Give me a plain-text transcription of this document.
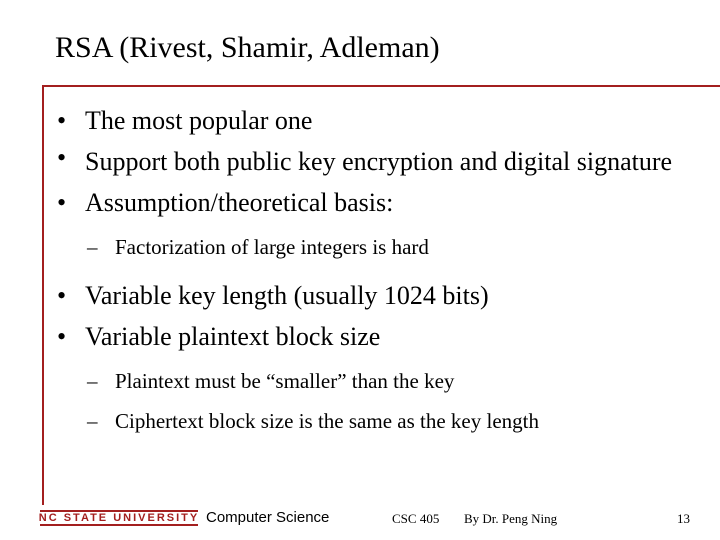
RSA (Rivest, Shamir, Adleman)
• The most popular one
• Support both public key encryption and digital signature
• Assumption/theoretical basis:
– Factorization of large integers is hard
• Variable key length (usually 1024 bits)
• Variable plaintext block size
– Plaintext must be “smaller” than the key
– Ciphertext block size is the same as the key length
NC STATE UNIVERSITY Computer Science	CSC 405 By Dr. Peng Ning	13
